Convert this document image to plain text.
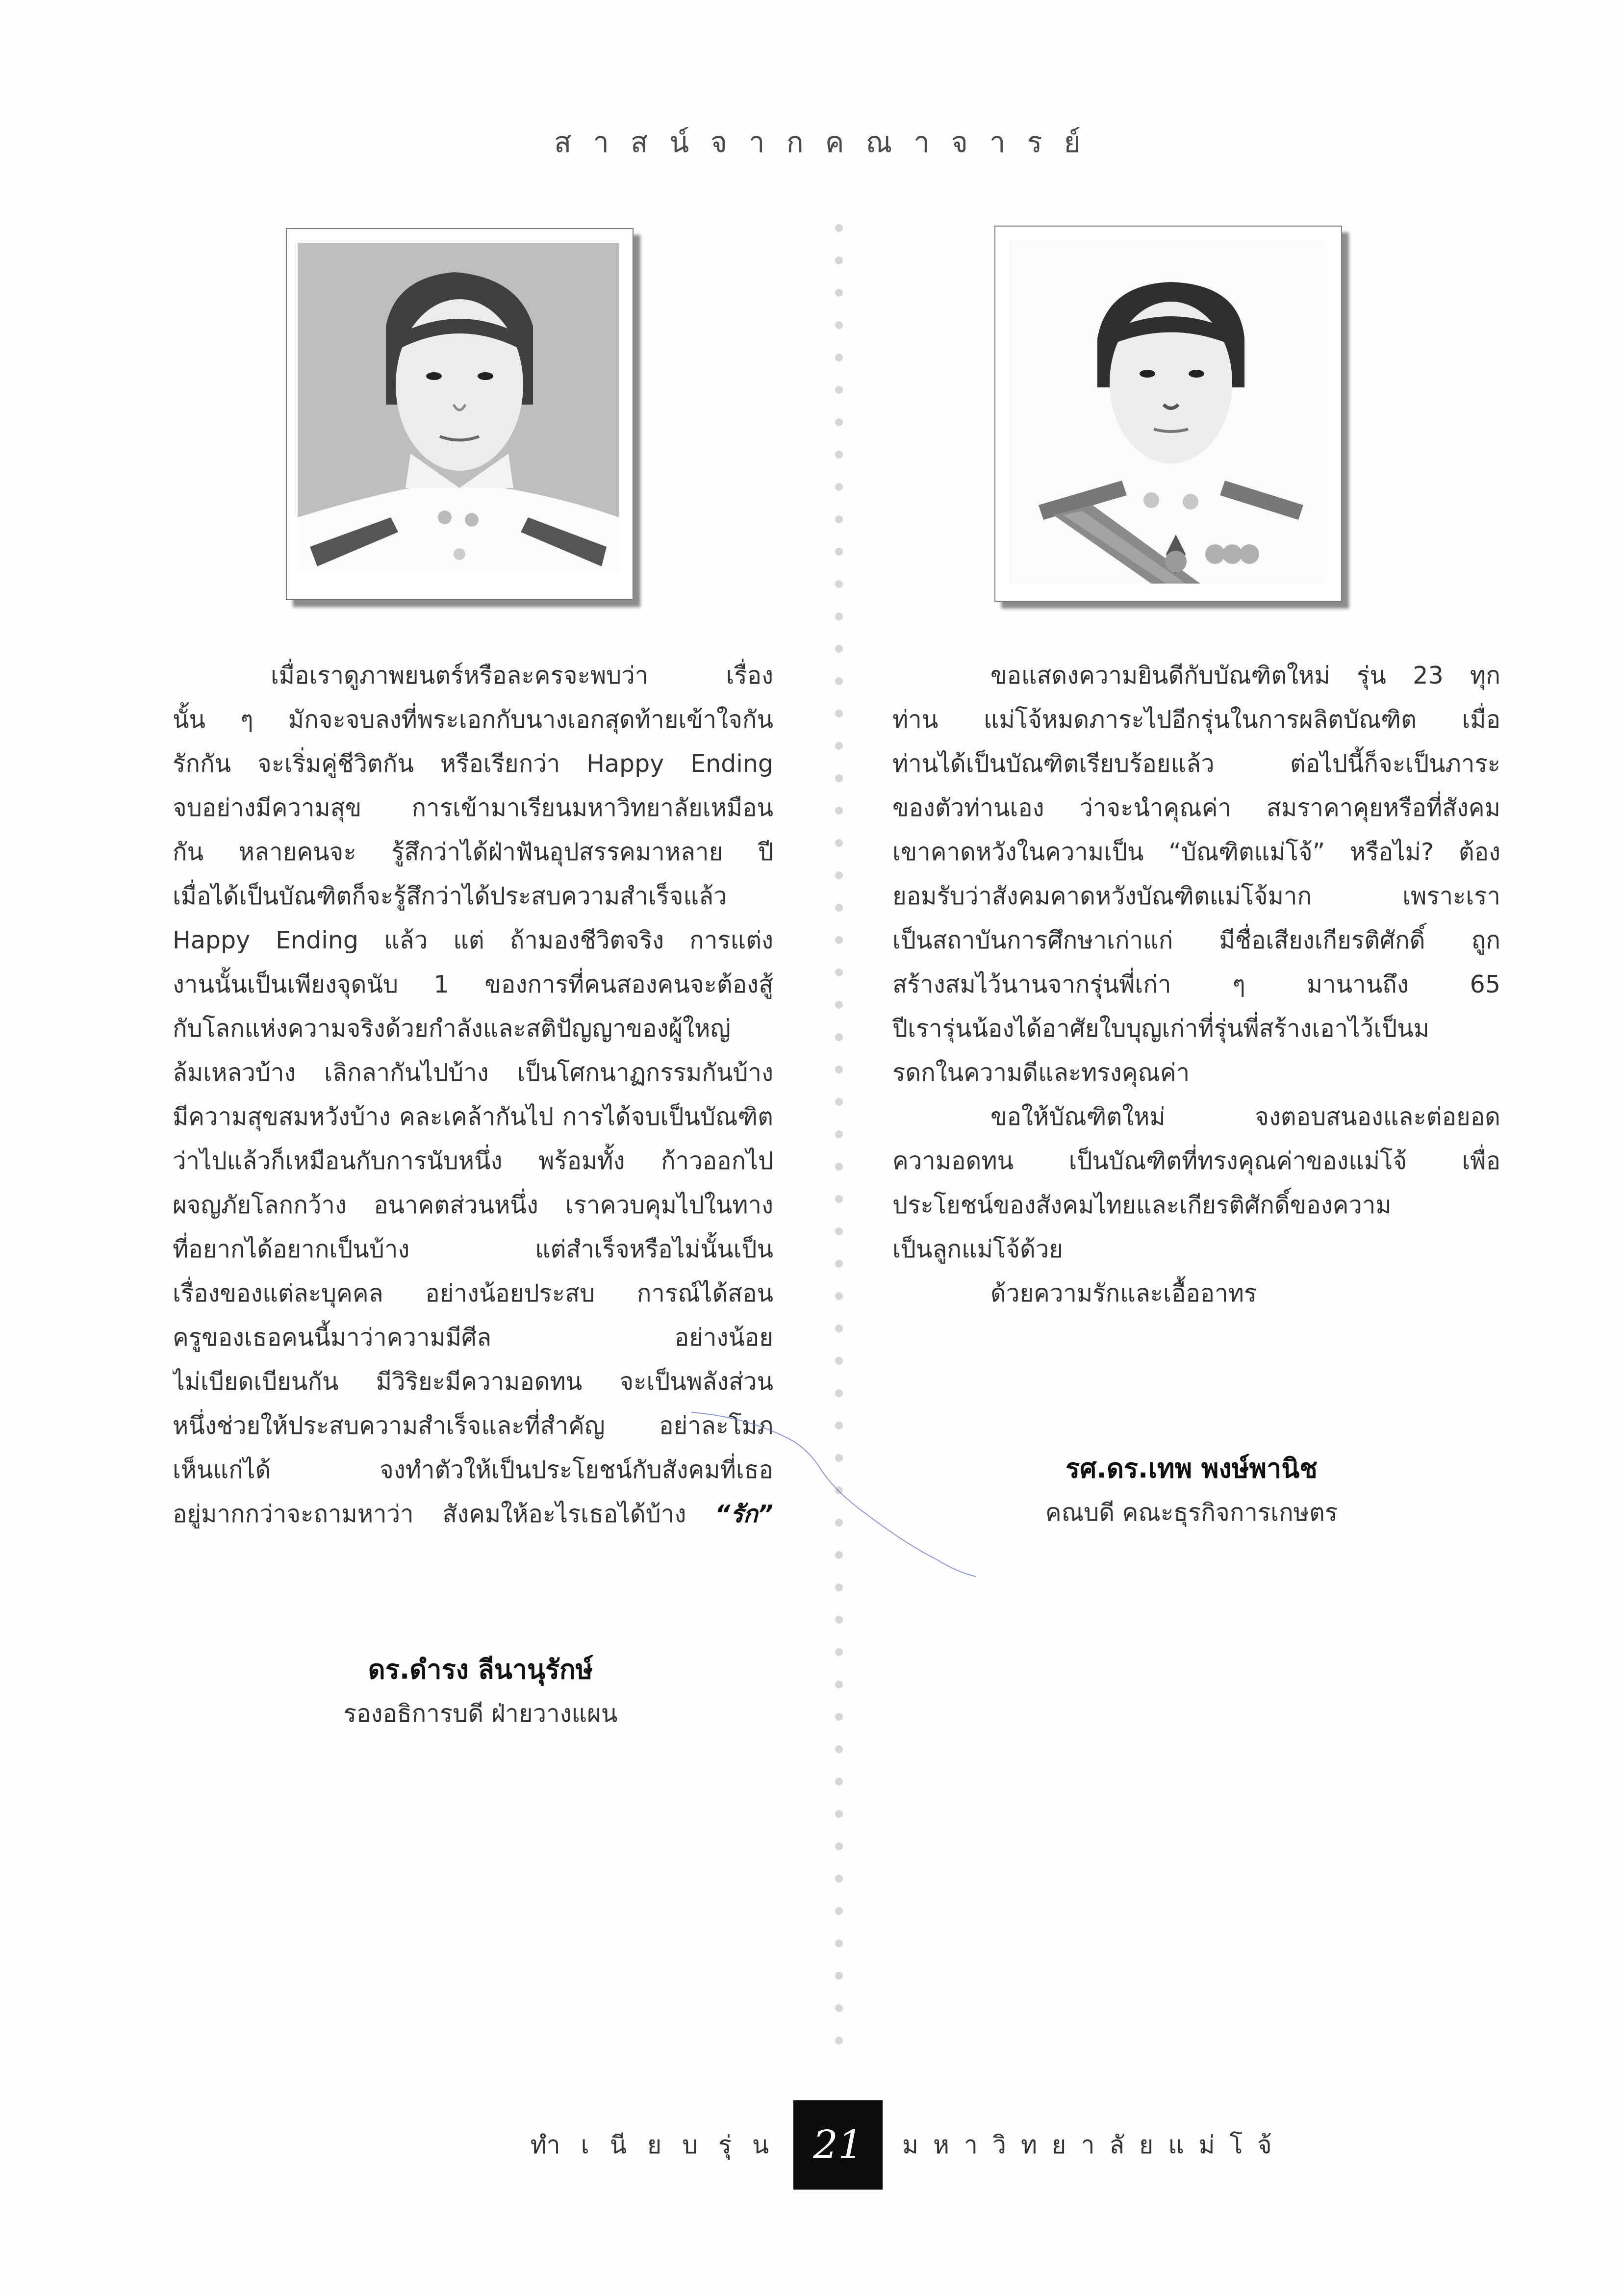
สาสน์จากคณาจารย์
เมื่อเราดูภาพยนตร์หรือละครจะพบว่า เรื่อง
นั้น ๆ มักจะจบลงที่พระเอกกับนางเอกสุดท้ายเข้าใจกัน
รักกัน จะเริ่มคู่ชีวิตกัน หรือเรียกว่า Happy Ending
จบอย่างมีความสุข การเข้ามาเรียนมหาวิทยาลัยเหมือน
กัน หลายคนจะ รู้สึกว่าได้ฝ่าฟันอุปสรรคมาหลาย ปี
เมื่อได้เป็นบัณฑิตก็จะรู้สึกว่าได้ประสบความสำเร็จแล้ว
Happy Ending แล้ว แต่ ถ้ามองชีวิตจริง การแต่ง
งานนั้นเป็นเพียงจุดนับ 1 ของการที่คนสองคนจะต้องสู้
กับโลกแห่งความจริงด้วยกำลังและสติปัญญาของผู้ใหญ่
ล้มเหลวบ้าง เลิกลากันไปบ้าง เป็นโศกนาฏกรรมกันบ้าง
มีความสุขสมหวังบ้าง คละเคล้ากันไป การได้จบเป็นบัณฑิต
ว่าไปแล้วก็เหมือนกับการนับหนึ่ง พร้อมทั้ง ก้าวออกไป
ผจญภัยโลกกว้าง อนาคตส่วนหนึ่ง เราควบคุมไปในทาง
ที่อยากได้อยากเป็นบ้าง แต่สำเร็จหรือไม่นั้นเป็น
เรื่องของแต่ละบุคคล อย่างน้อยประสบ การณ์ได้สอน
ครูของเธอคนนี้มาว่าความมีศีล อย่างน้อย
ไม่เบียดเบียนกัน มีวิริยะมีความอดทน จะเป็นพลังส่วน
หนึ่งช่วยให้ประสบความสำเร็จและที่สำคัญ อย่าละโมภ
เห็นแก่ได้ จงทำตัวให้เป็นประโยชน์กับสังคมที่เธอ
อยู่มากกว่าจะถามหาว่า สังคมให้อะไรเธอได้บ้าง “รัก”
ดร.ดำรง ลีนานุรักษ์
รองอธิการบดี ฝ่ายวางแผน
ขอแสดงความยินดีกับบัณฑิตใหม่ รุ่น 23 ทุก
ท่าน แม่โจ้หมดภาระไปอีกรุ่นในการผลิตบัณฑิต เมื่อ
ท่านได้เป็นบัณฑิตเรียบร้อยแล้ว ต่อไปนี้ก็จะเป็นภาระ
ของตัวท่านเอง ว่าจะนำคุณค่า สมราคาคุยหรือที่สังคม
เขาคาดหวังในความเป็น “บัณฑิตแม่โจ้” หรือไม่? ต้อง
ยอมรับว่าสังคมคาดหวังบัณฑิตแม่โจ้มาก เพราะเรา
เป็นสถาบันการศึกษาเก่าแก่ มีชื่อเสียงเกียรติศักดิ์ ถูก
สร้างสมไว้นานจากรุ่นพี่เก่า ๆ มานานถึง 65
ปีเรารุ่นน้องได้อาศัยใบบุญเก่าที่รุ่นพี่สร้างเอาไว้เป็นม
รดกในความดีและทรงคุณค่า
ขอให้บัณฑิตใหม่ จงตอบสนองและต่อยอด
ความอดทน เป็นบัณฑิตที่ทรงคุณค่าของแม่โจ้ เพื่อ
ประโยชน์ของสังคมไทยและเกียรติศักดิ์ของความ
เป็นลูกแม่โจ้ด้วย
ด้วยความรักและเอื้ออาทร
รศ.ดร.เทพ พงษ์พานิช
คณบดี คณะธุรกิจการเกษตร
ทำเนียบรุ่น 21	มหาวิทยาลัยแม่โจ้
